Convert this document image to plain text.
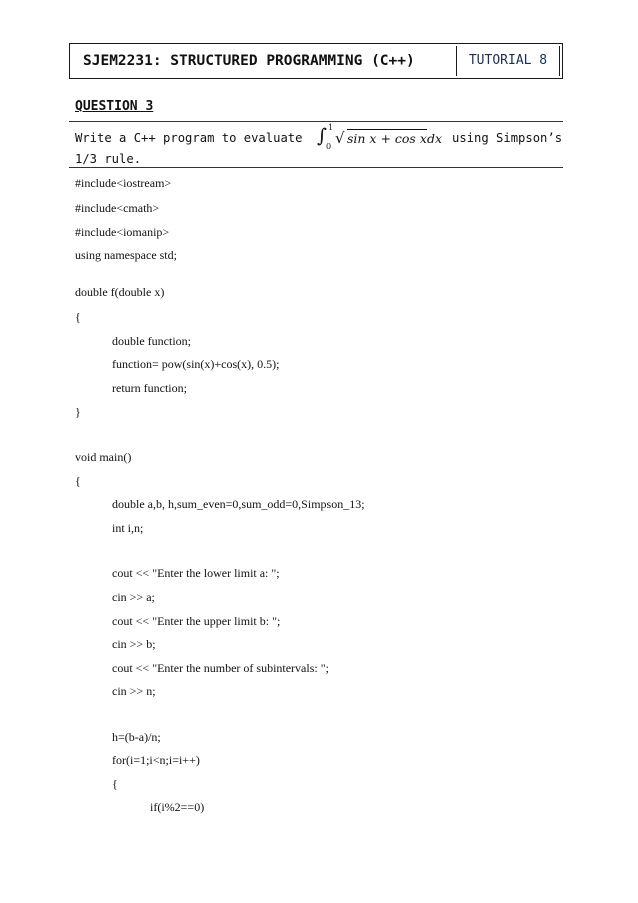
SJEM2231: STRUCTURED PROGRAMMING (C++)	TUTORIAL 8
QUESTION 3
Write a C++ program to evaluate ∫ 1
0 √ sin x + cos x dx using Simpson’s
1/3 rule.
#include<iostream>
#include<cmath>
#include<iomanip>
using namespace std;
double f(double x)
{
double function;
function= pow(sin(x)+cos(x), 0.5);
return function;
}
void main()
{
double a,b, h,sum_even=0,sum_odd=0,Simpson_13;
int i,n;
cout << "Enter the lower limit a: ";
cin >> a;
cout << "Enter the upper limit b: ";
cin >> b;
cout << "Enter the number of subintervals: ";
cin >> n;
h=(b-a)/n;
for(i=1;i<n;i=i++)
{
if(i%2==0)
